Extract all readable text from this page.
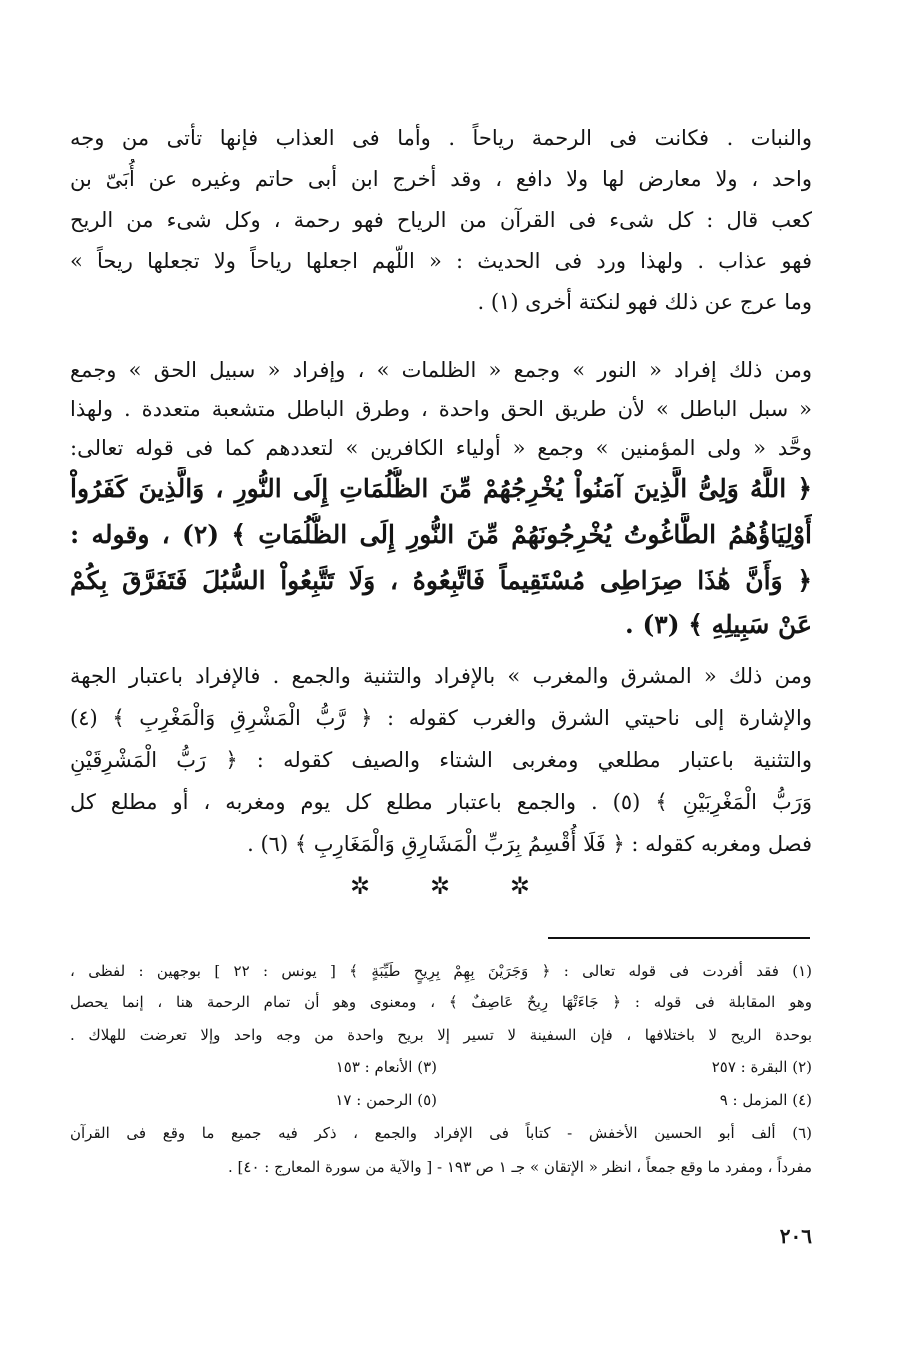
والنبات . فكانت فى الرحمة رياحاً . وأما فى العذاب فإنها تأتى من وجه
واحد ، ولا معارض لها ولا دافع ، وقد أخرج ابن أبى حاتم وغيره عن أُبَىّ بن
كعب قال : كل شىء فى القرآن من الرياح فهو رحمة ، وكل شىء من الريح
فهو عذاب . ولهذا ورد فى الحديث : « اللّهم اجعلها رياحاً ولا تجعلها ريحاً »
وما عرج عن ذلك فهو لنكتة أخرى (١) .
ومن ذلك إفراد « النور » وجمع « الظلمات » ، وإفراد « سبيل الحق » وجمع
« سبل الباطل » لأن طريق الحق واحدة ، وطرق الباطل متشعبة متعددة . ولهذا
وحَّد « ولى المؤمنين » وجمع « أولياء الكافرين » لتعددهم كما فى قوله تعالى:
﴿ اللَّهُ وَلِىُّ الَّذِينَ آمَنُواْ يُخْرِجُهُمْ مِّنَ الظُّلُمَاتِ إِلَى النُّورِ ، وَالَّذِينَ كَفَرُواْ
أَوْلِيَاؤُهُمُ الطَّاغُوتُ يُخْرِجُونَهُمْ مِّنَ النُّورِ إِلَى الظُّلُمَاتِ ﴾ (٢) ، وقوله :
﴿ وَأَنَّ هَٰذَا صِرَاطِى مُسْتَقِيماً فَاتَّبِعُوهُ ، وَلَا تَتَّبِعُواْ السُّبُلَ فَتَفَرَّقَ بِكُمْ
عَنْ سَبِيلِهِ ﴾ (٣) .
ومن ذلك « المشرق والمغرب » بالإفراد والتثنية والجمع . فالإفراد باعتبار الجهة
والإشارة إلى ناحيتي الشرق والغرب كقوله : ﴿ رَّبُّ الْمَشْرِقِ وَالْمَغْرِبِ ﴾ (٤)
والتثنية باعتبار مطلعي ومغربى الشتاء والصيف كقوله : ﴿ رَبُّ الْمَشْرِقَيْنِ
وَرَبُّ الْمَغْرِبَيْنِ ﴾ (٥) . والجمع باعتبار مطلع كل يوم ومغربه ، أو مطلع كل
فصل ومغربه كقوله : ﴿ فَلَا أُقْسِمُ بِرَبِّ الْمَشَارِقِ وَالْمَغَارِبِ ﴾ (٦) .
✲ ✲ ✲
(١) فقد أفردت فى قوله تعالى : ﴿ وَجَرَيْنَ بِهِمْ بِرِيحٍ طَيِّبَةٍ ﴾ [ يونس : ٢٢ ] بوجهين : لفظى ،
وهو المقابلة فى قوله : ﴿ جَاءَتْهَا رِيحٌ عَاصِفٌ ﴾ ، ومعنوى وهو أن تمام الرحمة هنا ، إنما يحصل
بوحدة الريح لا باختلافها ، فإن السفينة لا تسير إلا بريح واحدة من وجه واحد وإلا تعرضت للهلاك .
(٢) البقرة : ٢٥٧
(٣) الأنعام : ١٥٣
(٤) المزمل : ٩
(٥) الرحمن : ١٧
(٦) ألف أبو الحسين الأخفش - كتاباً فى الإفراد والجمع ، ذكر فيه جميع ما وقع فى القرآن
مفرداً ، ومفرد ما وقع جمعاً ، انظر « الإتقان » جـ ١ ص ١٩٣ - [ والآية من سورة المعارج : ٤٠] .
٢٠٦
